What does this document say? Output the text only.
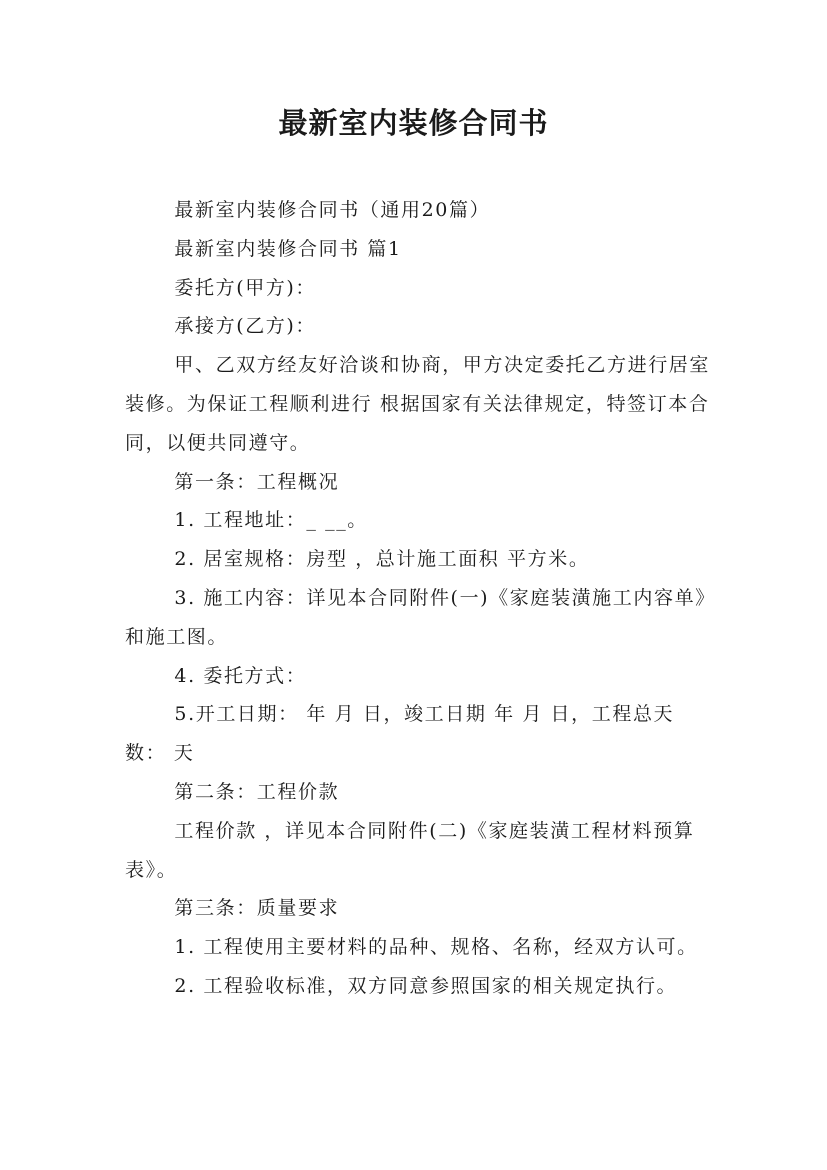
最新室内装修合同书

最新室内装修合同书（通用20篇）

最新室内装修合同书 篇1

委托方(甲方)：

承接方(乙方)：

甲、乙双方经友好洽谈和协商，甲方决定委托乙方进行居室装修。为保证工程顺利进行 根据国家有关法律规定，特签订本合同，以便共同遵守。

第一条：工程概况

1. 工程地址：_ __。

2. 居室规格：房型 ，总计施工面积 平方米。

3. 施工内容：详见本合同附件(一)《家庭装潢施工内容单》和施工图。

4. 委托方式：

5.开工日期： 年 月 日，竣工日期 年 月 日，工程总天数： 天

第二条：工程价款

工程价款 ，详见本合同附件(二)《家庭装潢工程材料预算表》。

第三条：质量要求

1. 工程使用主要材料的品种、规格、名称，经双方认可。

2. 工程验收标准，双方同意参照国家的相关规定执行。
